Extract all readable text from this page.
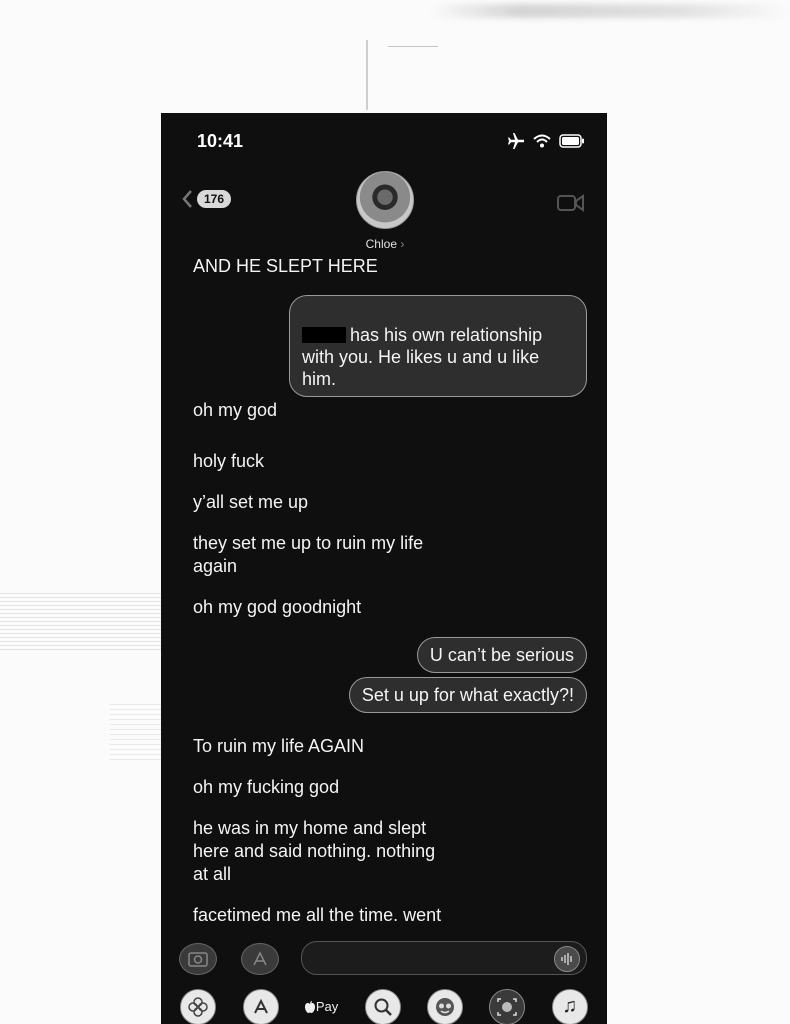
10:41
176
Chloe ›
AND HE SLEPT HERE

has his own relationship
with you. He likes u and u like
him.

oh my god
holy fuck
y’all set me up
they set me up to ruin my life
again
oh my god goodnight
U can’t be serious
Set u up for what exactly?!
To ruin my life AGAIN
oh my fucking god
he was in my home and slept
here and said nothing. nothing
at all
facetimed me all the time. went
Pay	♫
